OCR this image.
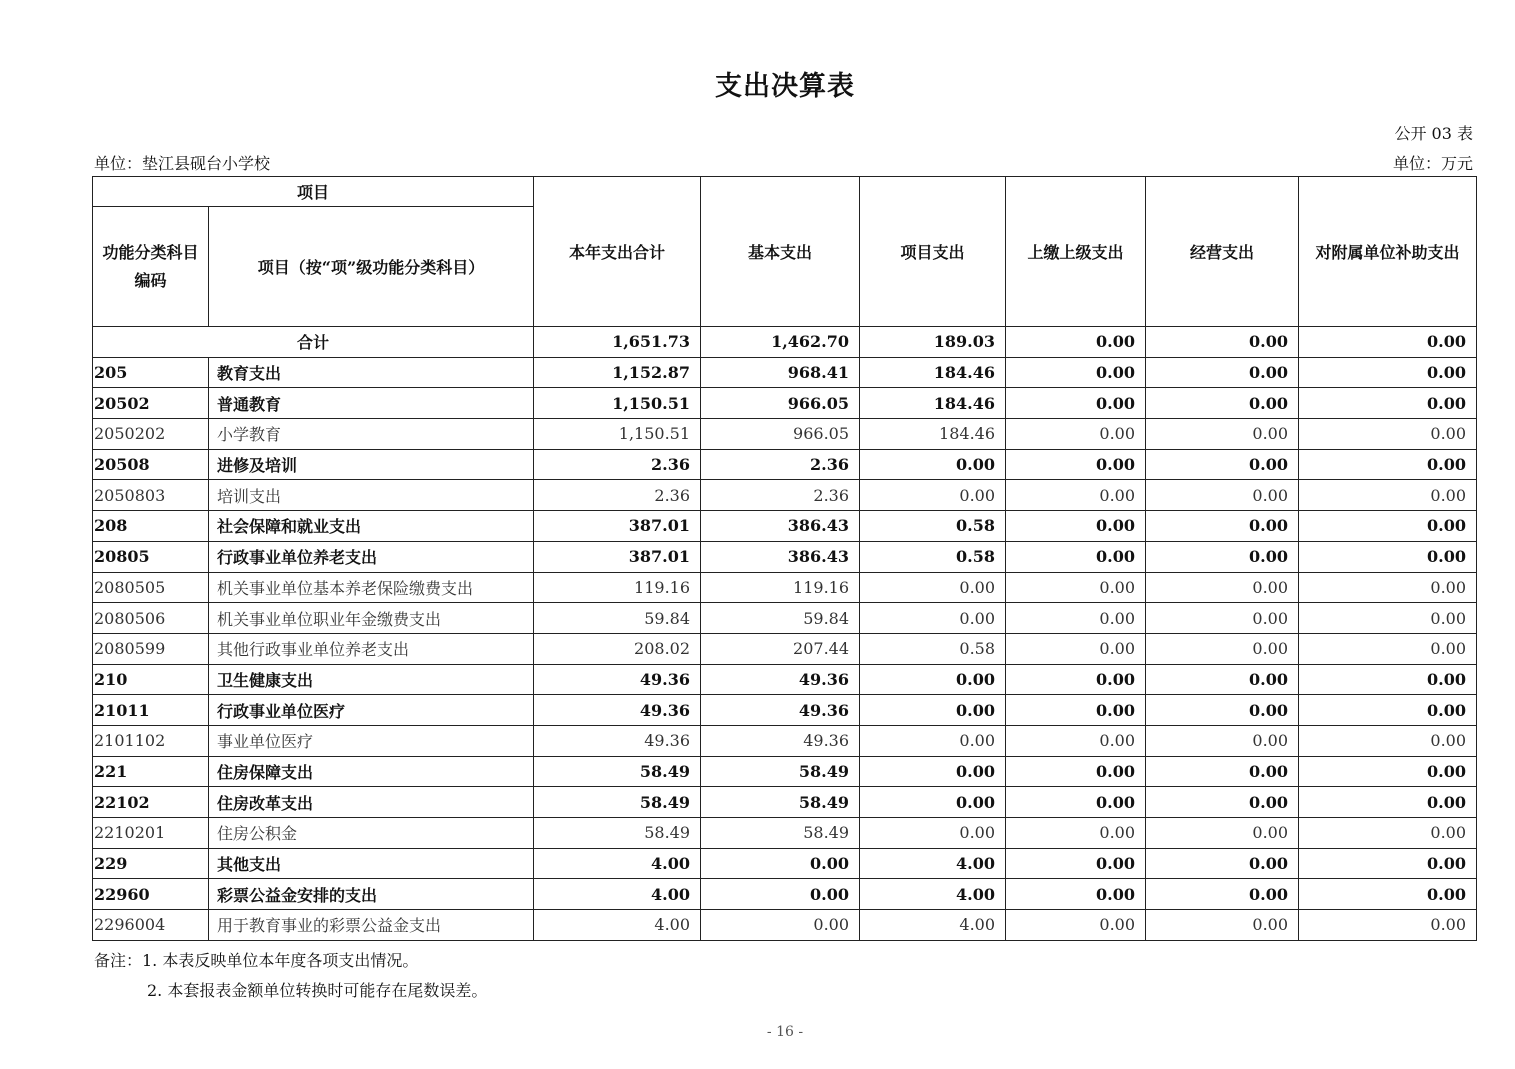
支出决算表
公开 03 表
单位：垫江县砚台小学校	单位：万元
项目		本年支出合计	基本支出	项目支出	上缴上级支出	经营支出	对附属单位补助支出
功能分类科目编码	项目（按“项”级功能分类科目）						
合计		1,651.73	1,462.70	189.03	0.00	0.00	0.00
205	教育支出	1,152.87	968.41	184.46	0.00	0.00	0.00
20502	普通教育	1,150.51	966.05	184.46	0.00	0.00	0.00
2050202	小学教育	1,150.51	966.05	184.46	0.00	0.00	0.00
20508	进修及培训	2.36	2.36	0.00	0.00	0.00	0.00
2050803	培训支出	2.36	2.36	0.00	0.00	0.00	0.00
208	社会保障和就业支出	387.01	386.43	0.58	0.00	0.00	0.00
20805	行政事业单位养老支出	387.01	386.43	0.58	0.00	0.00	0.00
2080505	机关事业单位基本养老保险缴费支出	119.16	119.16	0.00	0.00	0.00	0.00
2080506	机关事业单位职业年金缴费支出	59.84	59.84	0.00	0.00	0.00	0.00
2080599	其他行政事业单位养老支出	208.02	207.44	0.58	0.00	0.00	0.00
210	卫生健康支出	49.36	49.36	0.00	0.00	0.00	0.00
21011	行政事业单位医疗	49.36	49.36	0.00	0.00	0.00	0.00
2101102	事业单位医疗	49.36	49.36	0.00	0.00	0.00	0.00
221	住房保障支出	58.49	58.49	0.00	0.00	0.00	0.00
22102	住房改革支出	58.49	58.49	0.00	0.00	0.00	0.00
2210201	住房公积金	58.49	58.49	0.00	0.00	0.00	0.00
229	其他支出	4.00	0.00	4.00	0.00	0.00	0.00
22960	彩票公益金安排的支出	4.00	0.00	4.00	0.00	0.00	0.00
2296004	用于教育事业的彩票公益金支出	4.00	0.00	4.00	0.00	0.00	0.00
备注：1. 本表反映单位本年度各项支出情况。
2. 本套报表金额单位转换时可能存在尾数误差。
- 16 -
